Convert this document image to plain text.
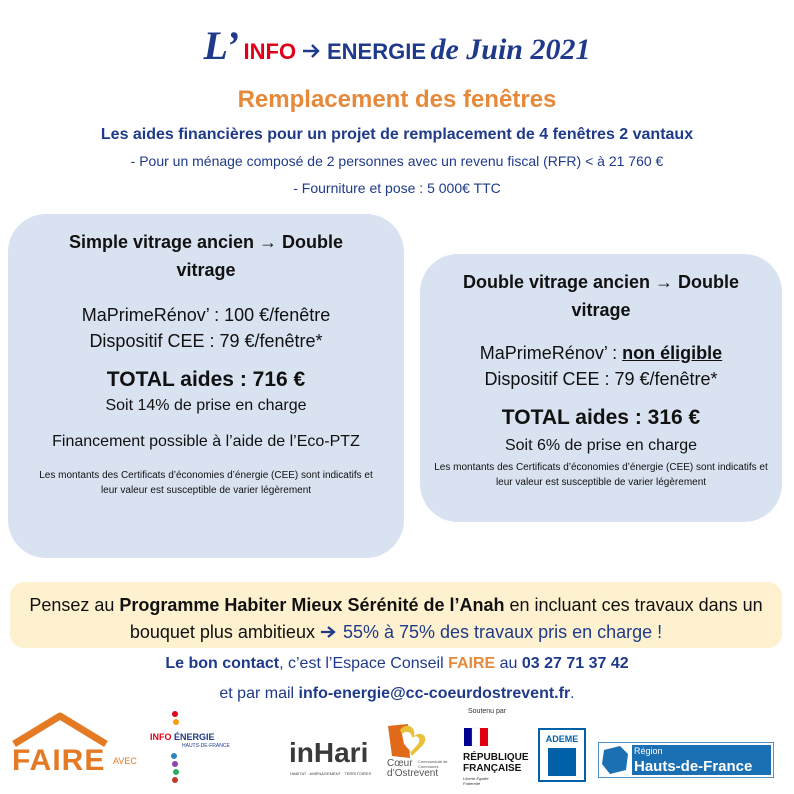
L’ INFO ENERGIE de Juin 2021
Remplacement des fenêtres
Les aides financières pour un projet de remplacement de 4 fenêtres 2 vantaux
- Pour un ménage composé de 2 personnes avec un revenu fiscal (RFR) < à 21 760 €
- Fourniture et pose : 5 000€ TTC
Simple vitrage ancien → Double vitrage
MaPrimeRénov’ : 100 €/fenêtre
Dispositif CEE : 79 €/fenêtre*
TOTAL aides : 716 €
Soit 14% de prise en charge
Financement possible à l’aide de l’Eco-PTZ
Les montants des Certificats d’économies d’énergie (CEE) sont indicatifs et leur valeur est susceptible de varier légèrement
Double vitrage ancien → Double vitrage
MaPrimeRénov’ : non éligible
Dispositif CEE : 79 €/fenêtre*
TOTAL aides : 316 €
Soit 6% de prise en charge
Les montants des Certificats d’économies d’énergie (CEE) sont indicatifs et leur valeur est susceptible de varier légèrement
Pensez au Programme Habiter Mieux Sérénité de l’Anah en incluant ces travaux dans un bouquet plus ambitieux  55% à 75% des travaux pris en charge !
Le bon contact, c’est l’Espace Conseil FAIRE au 03 27 71 37 42
et par mail info-energie@cc-coeurdostrevent.fr.
FAIRE AVEC
INFO ÉNERGIE
HAUTS-DE-FRANCE inHari
HABITAT · AMÉNAGEMENT · TERRITOIRES
Cœur d’Ostrevent
Communauté de Communes
Soutenu par
RÉPUBLIQUE FRANÇAISE
Liberté Égalité Fraternité
ADEME
Région
Hauts-de-France
